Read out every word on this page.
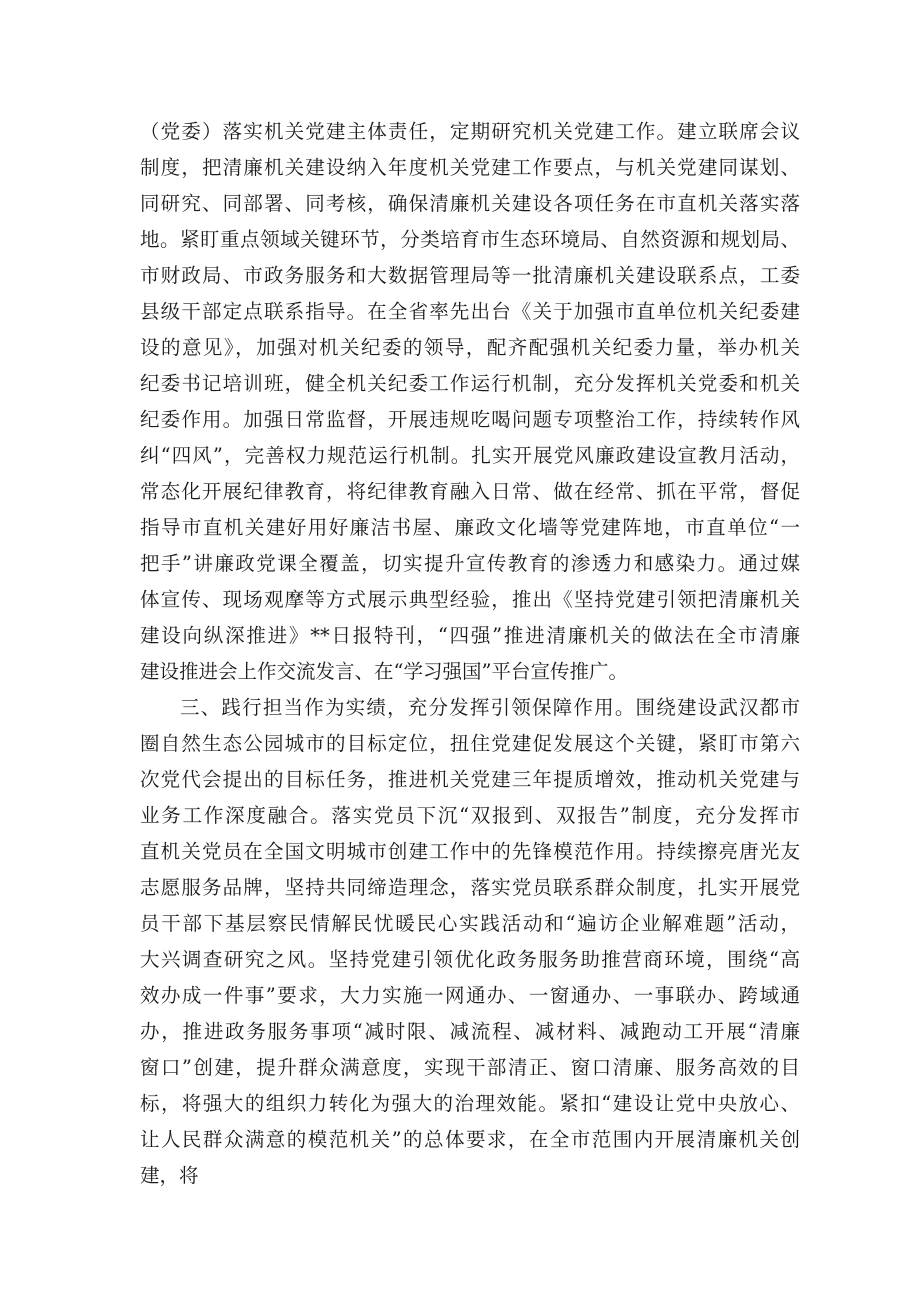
（党委）落实机关党建主体责任，定期研究机关党建工作。建立联席会议
制度，把清廉机关建设纳入年度机关党建工作要点，与机关党建同谋划、
同研究、同部署、同考核，确保清廉机关建设各项任务在市直机关落实落
地。紧盯重点领域关键环节，分类培育市生态环境局、自然资源和规划局、
市财政局、市政务服务和大数据管理局等一批清廉机关建设联系点，工委
县级干部定点联系指导。在全省率先出台《关于加强市直单位机关纪委建
设的意见》，加强对机关纪委的领导，配齐配强机关纪委力量，举办机关
纪委书记培训班，健全机关纪委工作运行机制，充分发挥机关党委和机关
纪委作用。加强日常监督，开展违规吃喝问题专项整治工作，持续转作风
纠“四风”，完善权力规范运行机制。扎实开展党风廉政建设宣教月活动，
常态化开展纪律教育，将纪律教育融入日常、做在经常、抓在平常，督促
指导市直机关建好用好廉洁书屋、廉政文化墙等党建阵地，市直单位“一
把手”讲廉政党课全覆盖，切实提升宣传教育的渗透力和感染力。通过媒
体宣传、现场观摩等方式展示典型经验，推出《坚持党建引领把清廉机关
建设向纵深推进》**日报特刊，“四强”推进清廉机关的做法在全市清廉
建设推进会上作交流发言、在“学习强国”平台宣传推广。
三、践行担当作为实绩，充分发挥引领保障作用。围绕建设武汉都市
圈自然生态公园城市的目标定位，扭住党建促发展这个关键，紧盯市第六
次党代会提出的目标任务，推进机关党建三年提质增效，推动机关党建与
业务工作深度融合。落实党员下沉“双报到、双报告”制度，充分发挥市
直机关党员在全国文明城市创建工作中的先锋模范作用。持续擦亮唐光友
志愿服务品牌，坚持共同缔造理念，落实党员联系群众制度，扎实开展党
员干部下基层察民情解民忧暖民心实践活动和“遍访企业解难题”活动，
大兴调查研究之风。坚持党建引领优化政务服务助推营商环境，围绕“高
效办成一件事”要求，大力实施一网通办、一窗通办、一事联办、跨域通
办，推进政务服务事项“减时限、减流程、减材料、减跑动工开展“清廉
窗口”创建，提升群众满意度，实现干部清正、窗口清廉、服务高效的目
标，将强大的组织力转化为强大的治理效能。紧扣“建设让党中央放心、
让人民群众满意的模范机关”的总体要求，在全市范围内开展清廉机关创
建，将
